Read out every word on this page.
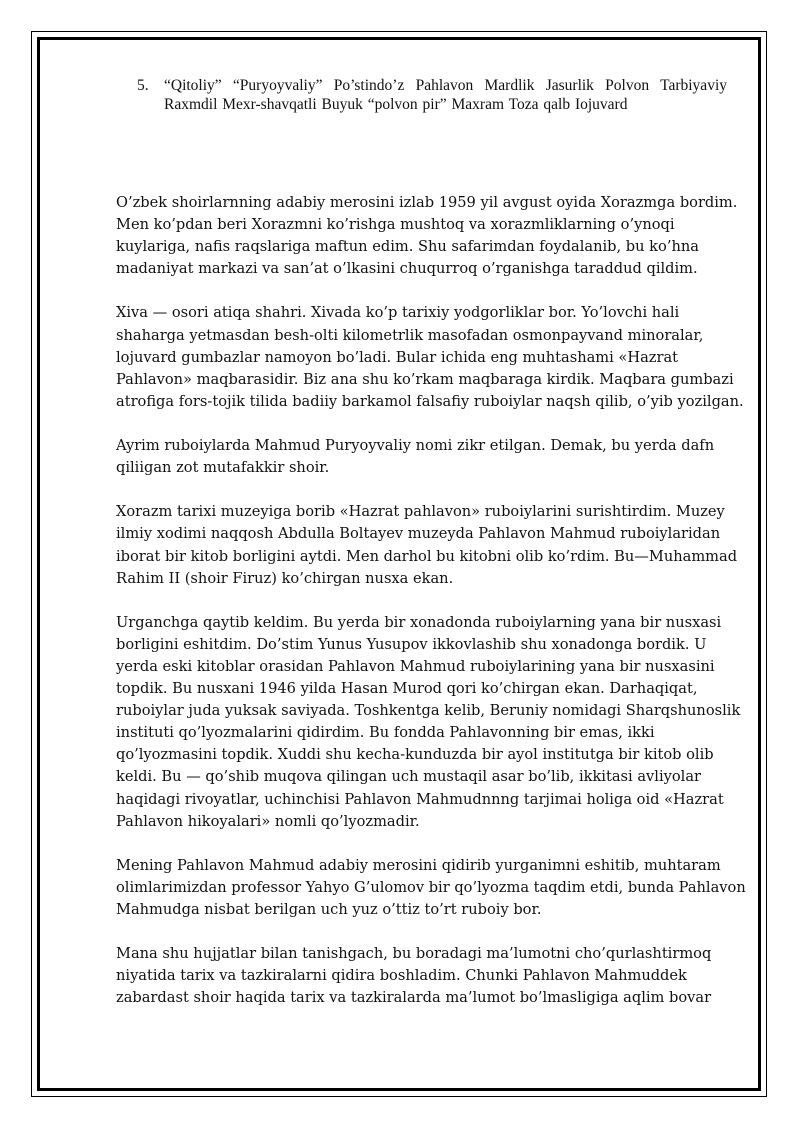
5. “Qitoliy” “Puryoyvaliy” Po’stindo’z Pahlavon Mardlik Jasurlik Polvon Tarbiyaviy Raxmdil Mexr-shavqatli Buyuk “polvon pir” Maxram Toza qalb Iojuvard

O’zbek shoirlarnning adabiy merosini izlab 1959 yil avgust oyida Xorazmga bordim. Men ko’pdan beri Xorazmni ko’rishga mushtoq va xorazmliklarning o’ynoqi kuylariga, nafis raqslariga maftun edim. Shu safarimdan foydalanib, bu ko’hna madaniyat markazi va san’at o’lkasini chuqurroq o’rganishga taraddud qildim.

Xiva — osori atiqa shahri. Xivada ko’p tarixiy yodgorliklar bor. Yo’lovchi hali shaharga yetmasdan besh-olti kilometrlik masofadan osmonpayvand minoralar, lojuvard gumbazlar namoyon bo’ladi. Bular ichida eng muhtashami «Hazrat Pahlavon» maqbarasidir. Biz ana shu ko’rkam maqbaraga kirdik. Maqbara gumbazi atrofiga fors-tojik tilida badiiy barkamol falsafiy ruboiylar naqsh qilib, o’yib yozilgan.

Ayrim ruboiylarda Mahmud Puryoyvaliy nomi zikr etilgan. Demak, bu yerda dafn qiliigan zot mutafakkir shoir.

Xorazm tarixi muzeyiga borib «Hazrat pahlavon» ruboiylarini surishtirdim. Muzey ilmiy xodimi naqqosh Abdulla Boltayev muzeyda Pahlavon Mahmud ruboiylaridan iborat bir kitob borligini aytdi. Men darhol bu kitobni olib ko’rdim. Bu—Muhammad Rahim II (shoir Firuz) ko’chirgan nusxa ekan.

Urganchga qaytib keldim. Bu yerda bir xonadonda ruboiylarning yana bir nusxasi borligini eshitdim. Do’stim Yunus Yusupov ikkovlashib shu xonadonga bordik. U yerda eski kitoblar orasidan Pahlavon Mahmud ruboiylarining yana bir nusxasini topdik. Bu nusxani 1946 yilda Hasan Murod qori ko’chirgan ekan. Darhaqiqat, ruboiylar juda yuksak saviyada. Toshkentga kelib, Beruniy nomidagi Sharqshunoslik instituti qo’lyozmalarini qidirdim. Bu fondda Pahlavonning bir emas, ikki qo’lyozmasini topdik. Xuddi shu kecha-kunduzda bir ayol institutga bir kitob olib keldi. Bu — qo’shib muqova qilingan uch mustaqil asar bo’lib, ikkitasi avliyolar haqidagi rivoyatlar, uchinchisi Pahlavon Mahmudnnng tarjimai holiga oid «Hazrat Pahlavon hikoyalari» nomli qo’lyozmadir.

Mening Pahlavon Mahmud adabiy merosini qidirib yurganimni eshitib, muhtaram olimlarimizdan professor Yahyo G’ulomov bir qo’lyozma taqdim etdi, bunda Pahlavon Mahmudga nisbat berilgan uch yuz o’ttiz to’rt ruboiy bor.

Mana shu hujjatlar bilan tanishgach, bu boradagi ma’lumotni cho’qurlashtirmoq niyatida tarix va tazkiralarni qidira boshladim. Chunki Pahlavon Mahmuddek zabardast shoir haqida tarix va tazkiralarda ma’lumot bo’lmasligiga aqlim bovar
